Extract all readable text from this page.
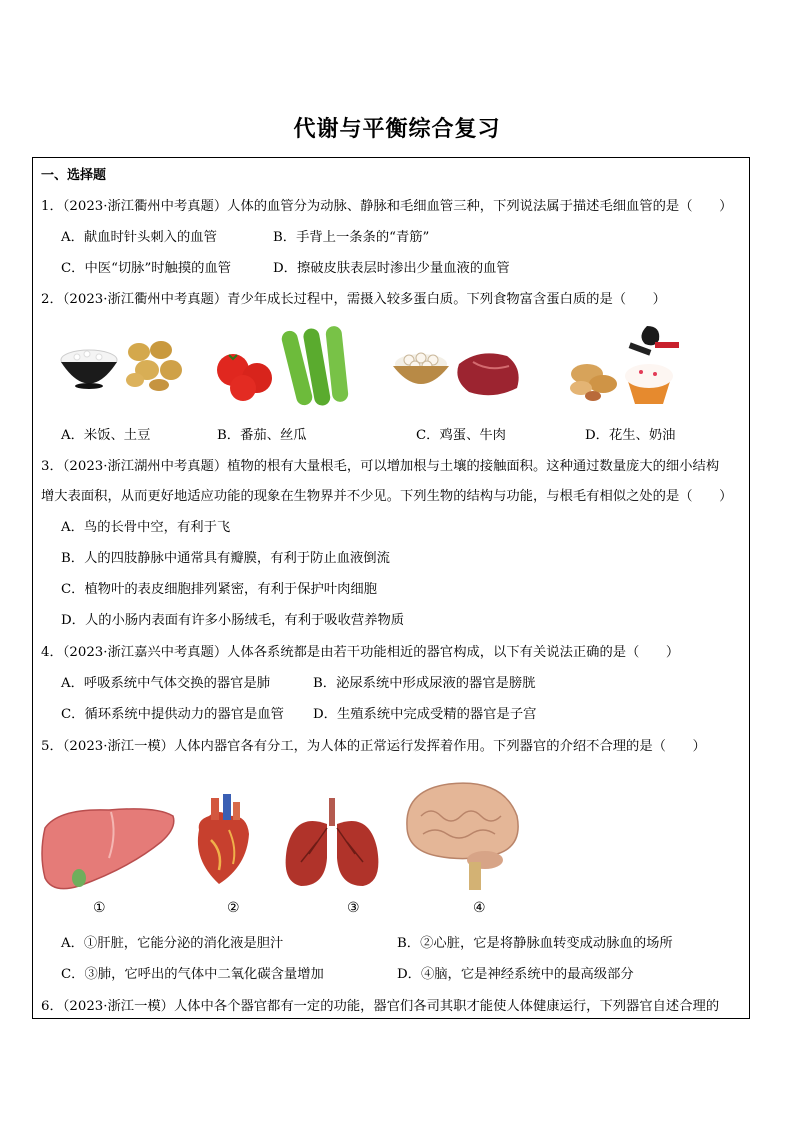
代谢与平衡综合复习
一、选择题
1．（2023·浙江衢州中考真题）人体的血管分为动脉、静脉和毛细血管三种，下列说法属于描述毛细血管的是（　　）
A．献血时针头刺入的血管	B．手背上一条条的“青筋”
C．中医“切脉”时触摸的血管	D．擦破皮肤表层时渗出少量血液的血管
2．（2023·浙江衢州中考真题）青少年成长过程中，需摄入较多蛋白质。下列食物富含蛋白质的是（　　）
A．米饭、土豆	B．番茄、丝瓜	C．鸡蛋、牛肉	D．花生、奶油
3．（2023·浙江湖州中考真题）植物的根有大量根毛，可以增加根与土壤的接触面积。这种通过数量庞大的细小结构
增大表面积，从而更好地适应功能的现象在生物界并不少见。下列生物的结构与功能，与根毛有相似之处的是（　　）
A．鸟的长骨中空，有利于飞
B．人的四肢静脉中通常具有瓣膜，有利于防止血液倒流
C．植物叶的表皮细胞排列紧密，有利于保护叶肉细胞
D．人的小肠内表面有许多小肠绒毛，有利于吸收营养物质
4．（2023·浙江嘉兴中考真题）人体各系统都是由若干功能相近的器官构成，以下有关说法正确的是（　　）
A．呼吸系统中气体交换的器官是肺	B．泌尿系统中形成尿液的器官是膀胱
C．循环系统中提供动力的器官是血管 D．生殖系统中完成受精的器官是子宫
5．（2023·浙江一模）人体内器官各有分工，为人体的正常运行发挥着作用。下列器官的介绍不合理的是（　　）
①	②	③	④
A．①肝脏，它能分泌的消化液是胆汁	B．②心脏，它是将静脉血转变成动脉血的场所
C．③肺，它呼出的气体中二氧化碳含量增加	D．④脑，它是神经系统中的最高级部分
6．（2023·浙江一模）人体中各个器官都有一定的功能，器官们各司其职才能使人体健康运行，下列器官自述合理的
